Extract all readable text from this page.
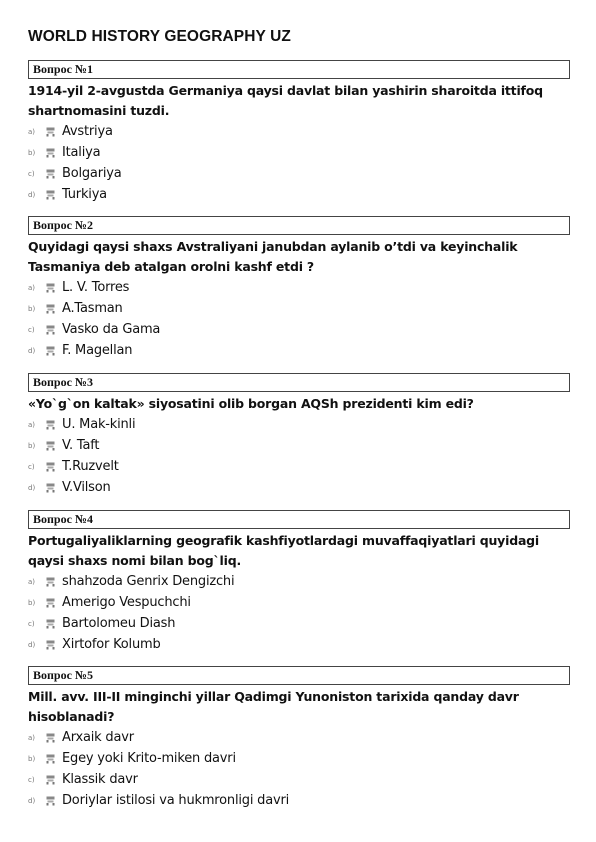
WORLD HISTORY GEOGRAPHY UZ
Вопрос №1
1914-yil 2-avgustda Germaniya qaysi davlat bilan yashirin sharoitda ittifoq shartnomasini tuzdi.
a)	Avstriya
b)	Italiya
c)	Bolgariya
d)	Turkiya
Вопрос №2
Quyidagi qaysi shaxs Avstraliyani janubdan aylanib o’tdi va keyinchalik Tasmaniya deb atalgan orolni kashf etdi ?
a)	L. V. Torres
b)	A.Tasman
c)	Vasko da Gama
d)	F. Magellan
Вопрос №3
«Yo`g`on kaltak» siyosatini olib borgan AQSh prezidenti kim edi?
a)	U. Mak-kinli
b)	V. Taft
c)	T.Ruzvelt
d)	V.Vilson
Вопрос №4
Portugaliyaliklarning geografik kashfiyotlardagi muvaffaqiyatlari quyidagi qaysi shaxs nomi bilan bog`liq.
a)	shahzoda Genrix Dengizchi
b)	Amerigo Vespuchchi
c)	Bartolomeu Diash
d)	Xirtofor Kolumb
Вопрос №5
Mill. avv. III-II minginchi yillar Qadimgi Yunoniston tarixida qanday davr hisoblanadi?
a)	Arxaik davr
b)	Egey yoki Krito-miken davri
c)	Klassik davr
d)	Doriylar istilosi va hukmronligi davri
